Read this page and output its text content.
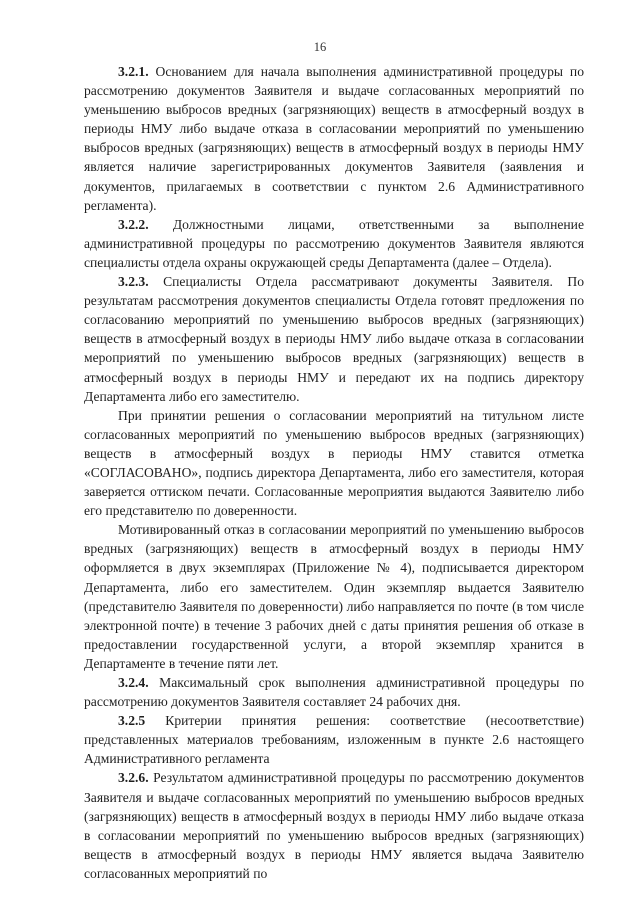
16

3.2.1. Основанием для начала выполнения административной процедуры по рассмотрению документов Заявителя и выдаче согласованных мероприятий по уменьшению выбросов вредных (загрязняющих) веществ в атмосферный воздух в периоды НМУ либо выдаче отказа в согласовании мероприятий по уменьшению выбросов вредных (загрязняющих) веществ в атмосферный воздух в периоды НМУ является наличие зарегистрированных документов Заявителя (заявления и документов, прилагаемых в соответствии с пунктом 2.6 Административного регламента).

3.2.2. Должностными лицами, ответственными за выполнение административной процедуры по рассмотрению документов Заявителя являются специалисты отдела охраны окружающей среды Департамента (далее – Отдела).

3.2.3. Специалисты Отдела рассматривают документы Заявителя. По результатам рассмотрения документов специалисты Отдела готовят предложения по согласованию мероприятий по уменьшению выбросов вредных (загрязняющих) веществ в атмосферный воздух в периоды НМУ либо выдаче отказа в согласовании мероприятий по уменьшению выбросов вредных (загрязняющих) веществ в атмосферный воздух в периоды НМУ и передают их на подпись директору Департамента либо его заместителю.

При принятии решения о согласовании мероприятий на титульном листе согласованных мероприятий по уменьшению выбросов вредных (загрязняющих) веществ в атмосферный воздух в периоды НМУ ставится отметка «СОГЛАСОВАНО», подпись директора Департамента, либо его заместителя, которая заверяется оттиском печати. Согласованные мероприятия выдаются Заявителю либо его представителю по доверенности.

Мотивированный отказ в согласовании мероприятий по уменьшению выбросов вредных (загрязняющих) веществ в атмосферный воздух в периоды НМУ оформляется в двух экземплярах (Приложение № 4), подписывается директором Департамента, либо его заместителем. Один экземпляр выдается Заявителю (представителю Заявителя по доверенности) либо направляется по почте (в том числе электронной почте) в течение 3 рабочих дней с даты принятия решения об отказе в предоставлении государственной услуги, а второй экземпляр хранится в Департаменте в течение пяти лет.

3.2.4. Максимальный срок выполнения административной процедуры по рассмотрению документов Заявителя составляет 24 рабочих дня.

3.2.5 Критерии принятия решения: соответствие (несоответствие) представленных материалов требованиям, изложенным в пункте 2.6 настоящего Административного регламента

3.2.6. Результатом административной процедуры по рассмотрению документов Заявителя и выдаче согласованных мероприятий по уменьшению выбросов вредных (загрязняющих) веществ в атмосферный воздух в периоды НМУ либо выдаче отказа в согласовании мероприятий по уменьшению выбросов вредных (загрязняющих) веществ в атмосферный воздух в периоды НМУ является выдача Заявителю согласованных мероприятий по
